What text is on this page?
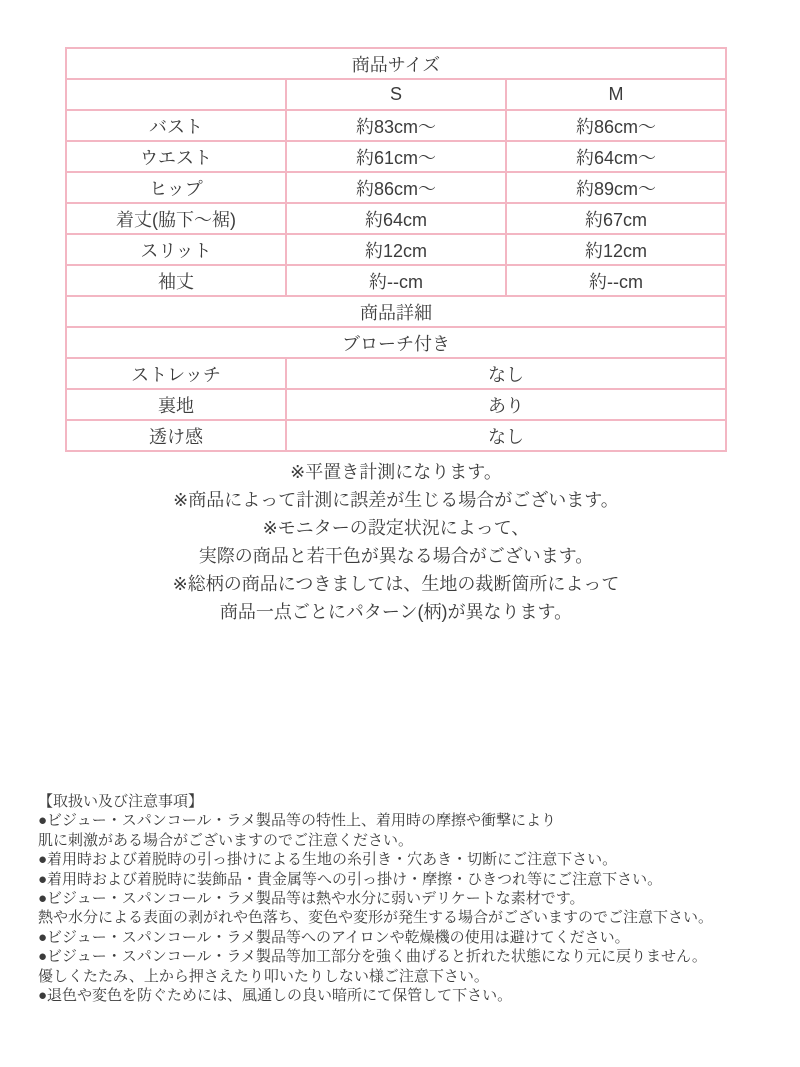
商品サイズ		
	S	M
バスト	約83cm〜	約86cm〜
ウエスト	約61cm〜	約64cm〜
ヒップ	約86cm〜	約89cm〜
着丈(脇下〜裾)	約64cm	約67cm
スリット	約12cm	約12cm
袖丈	約--cm	約--cm
商品詳細		
ブローチ付き		
ストレッチ	なし	
裏地	あり	
透け感	なし	
※平置き計測になります。
※商品によって計測に誤差が生じる場合がございます。
※モニターの設定状況によって、
実際の商品と若干色が異なる場合がございます。
※総柄の商品につきましては、生地の裁断箇所によって
商品一点ごとにパターン(柄)が異なります。
【取扱い及び注意事項】
●ビジュー・スパンコール・ラメ製品等の特性上、着用時の摩擦や衝撃により
肌に刺激がある場合がございますのでご注意ください。
●着用時および着脱時の引っ掛けによる生地の糸引き・穴あき・切断にご注意下さい。
●着用時および着脱時に装飾品・貴金属等への引っ掛け・摩擦・ひきつれ等にご注意下さい。
●ビジュー・スパンコール・ラメ製品等は熱や水分に弱いデリケートな素材です。
熱や水分による表面の剥がれや色落ち、変色や変形が発生する場合がございますのでご注意下さい。
●ビジュー・スパンコール・ラメ製品等へのアイロンや乾燥機の使用は避けてください。
●ビジュー・スパンコール・ラメ製品等加工部分を強く曲げると折れた状態になり元に戻りません。
優しくたたみ、上から押さえたり叩いたりしない様ご注意下さい。
●退色や変色を防ぐためには、風通しの良い暗所にて保管して下さい。
